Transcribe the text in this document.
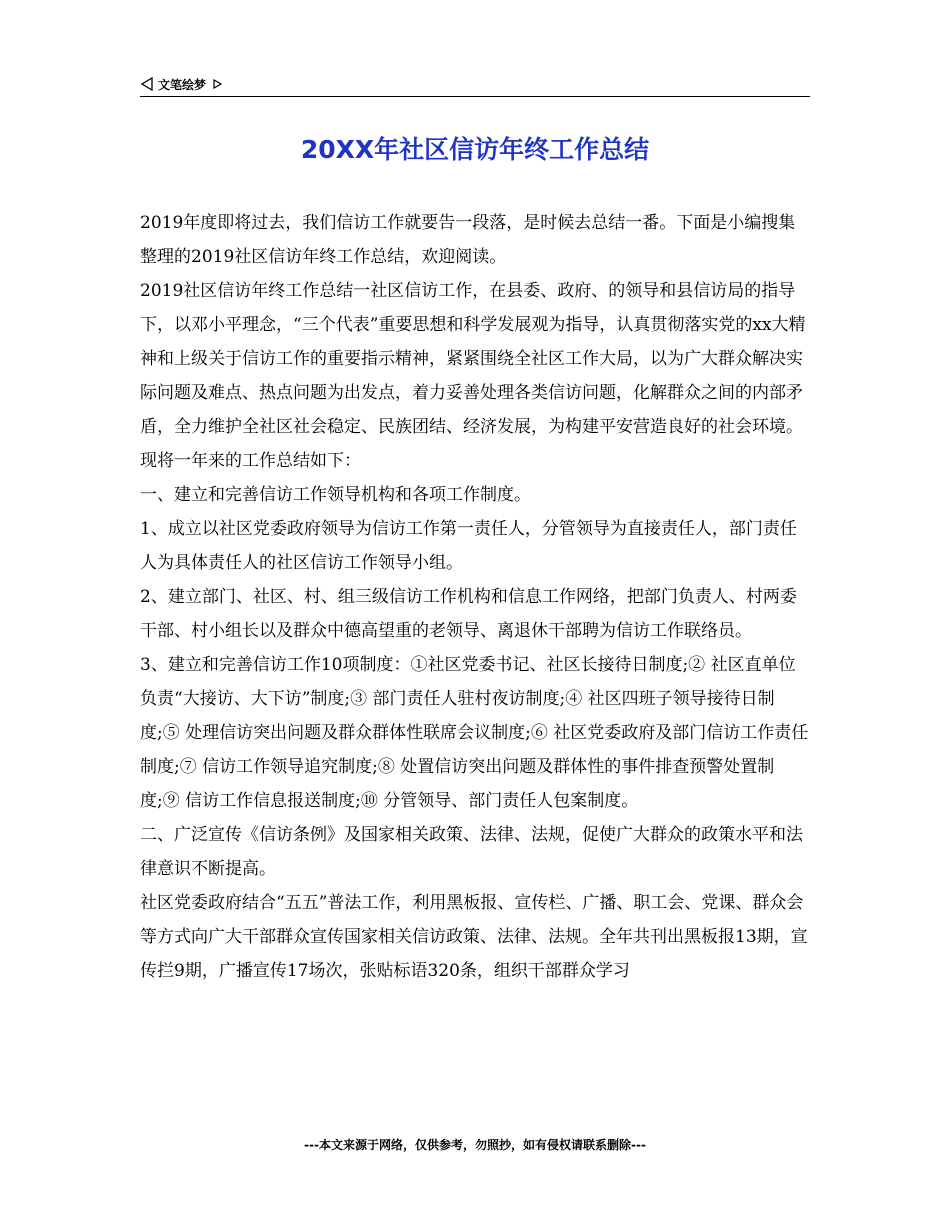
文笔绘梦
20XX年社区信访年终工作总结

2019年度即将过去，我们信访工作就要告一段落，是时候去总结一番。下面是小编搜集整理的2019社区信访年终工作总结，欢迎阅读。

2019社区信访年终工作总结一社区信访工作，在县委、政府、的领导和县信访局的指导下，以邓小平理念，“三个代表”重要思想和科学发展观为指导，认真贯彻落实党的xx大精神和上级关于信访工作的重要指示精神，紧紧围绕全社区工作大局，以为广大群众解决实际问题及难点、热点问题为出发点，着力妥善处理各类信访问题，化解群众之间的内部矛盾，全力维护全社区社会稳定、民族团结、经济发展，为构建平安营造良好的社会环境。现将一年来的工作总结如下：

一、建立和完善信访工作领导机构和各项工作制度。

1、成立以社区党委政府领导为信访工作第一责任人，分管领导为直接责任人，部门责任人为具体责任人的社区信访工作领导小组。

2、建立部门、社区、村、组三级信访工作机构和信息工作网络，把部门负责人、村两委干部、村小组长以及群众中德高望重的老领导、离退休干部聘为信访工作联络员。

3、建立和完善信访工作10项制度：①社区党委书记、社区长接待日制度;② 社区直单位负责“大接访、大下访”制度;③ 部门责任人驻村夜访制度;④ 社区四班子领导接待日制度;⑤ 处理信访突出问题及群众群体性联席会议制度;⑥ 社区党委政府及部门信访工作责任制度;⑦ 信访工作领导追究制度;⑧ 处置信访突出问题及群体性的事件排查预警处置制度;⑨ 信访工作信息报送制度;⑩ 分管领导、部门责任人包案制度。

二、广泛宣传《信访条例》及国家相关政策、法律、法规，促使广大群众的政策水平和法律意识不断提高。

社区党委政府结合“五五”普法工作，利用黑板报、宣传栏、广播、职工会、党课、群众会等方式向广大干部群众宣传国家相关信访政策、法律、法规。全年共刊出黑板报13期，宣传拦9期，广播宣传17场次，张贴标语320条，组织干部群众学习

---本文来源于网络，仅供参考，勿照抄，如有侵权请联系删除---
